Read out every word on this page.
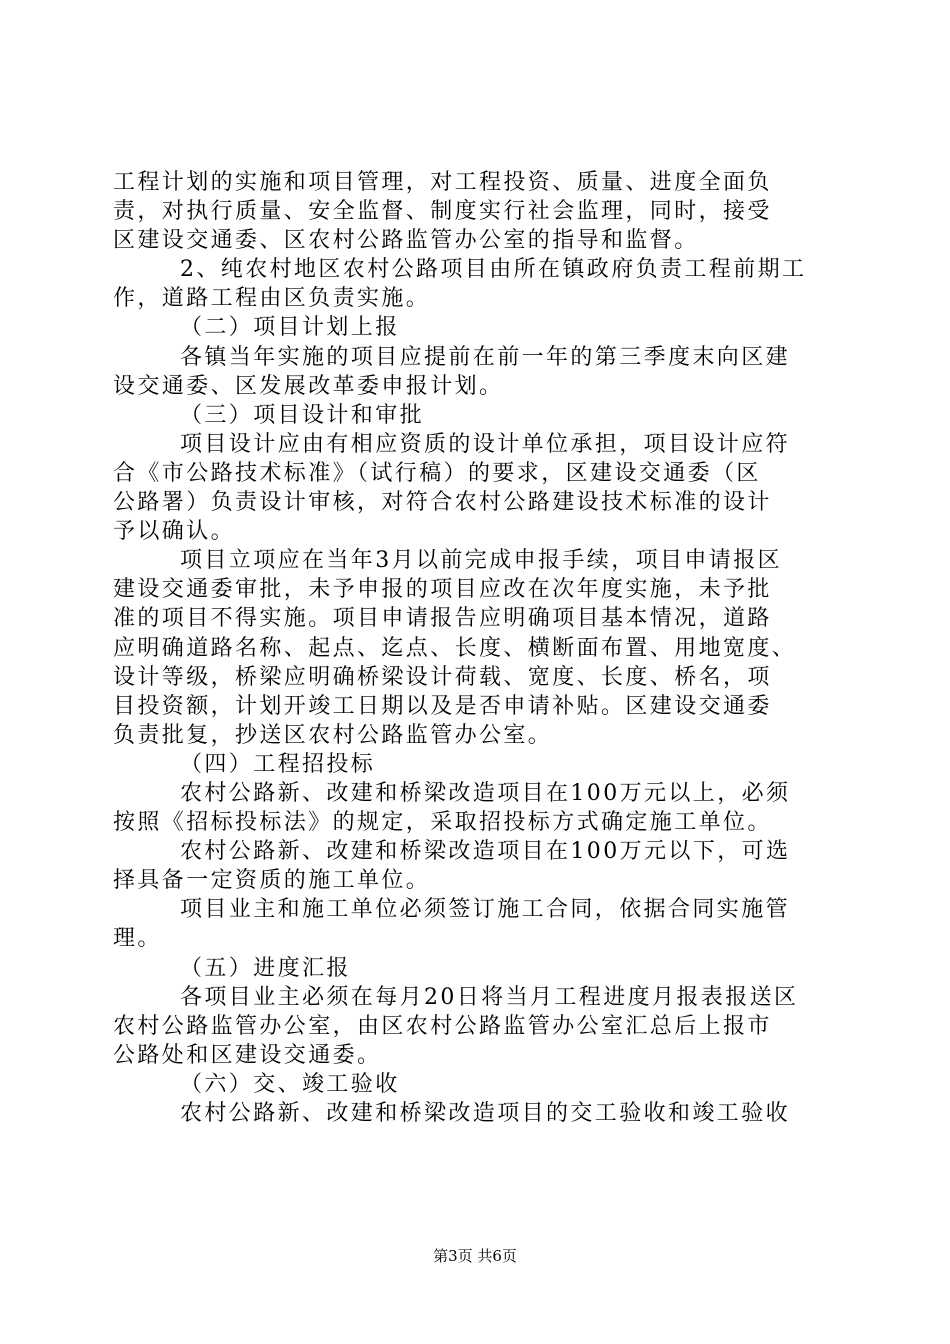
工程计划的实施和项目管理，对工程投资、质量、进度全面负
责，对执行质量、安全监督、制度实行社会监理，同时，接受
区建设交通委、区农村公路监管办公室的指导和监督。
2、纯农村地区农村公路项目由所在镇政府负责工程前期工
作，道路工程由区负责实施。
（二）项目计划上报
各镇当年实施的项目应提前在前一年的第三季度末向区建
设交通委、区发展改革委申报计划。
（三）项目设计和审批
项目设计应由有相应资质的设计单位承担，项目设计应符
合《市公路技术标准》（试行稿）的要求，区建设交通委（区
公路署）负责设计审核，对符合农村公路建设技术标准的设计
予以确认。
项目立项应在当年3月以前完成申报手续，项目申请报区
建设交通委审批，未予申报的项目应改在次年度实施，未予批
准的项目不得实施。项目申请报告应明确项目基本情况，道路
应明确道路名称、起点、迄点、长度、横断面布置、用地宽度、
设计等级，桥梁应明确桥梁设计荷载、宽度、长度、桥名，项
目投资额，计划开竣工日期以及是否申请补贴。区建设交通委
负责批复，抄送区农村公路监管办公室。
（四）工程招投标
农村公路新、改建和桥梁改造项目在100万元以上，必须
按照《招标投标法》的规定，采取招投标方式确定施工单位。
农村公路新、改建和桥梁改造项目在100万元以下，可选
择具备一定资质的施工单位。
项目业主和施工单位必须签订施工合同，依据合同实施管
理。
（五）进度汇报
各项目业主必须在每月20日将当月工程进度月报表报送区
农村公路监管办公室，由区农村公路监管办公室汇总后上报市
公路处和区建设交通委。
（六）交、竣工验收
农村公路新、改建和桥梁改造项目的交工验收和竣工验收
第3页 共6页
